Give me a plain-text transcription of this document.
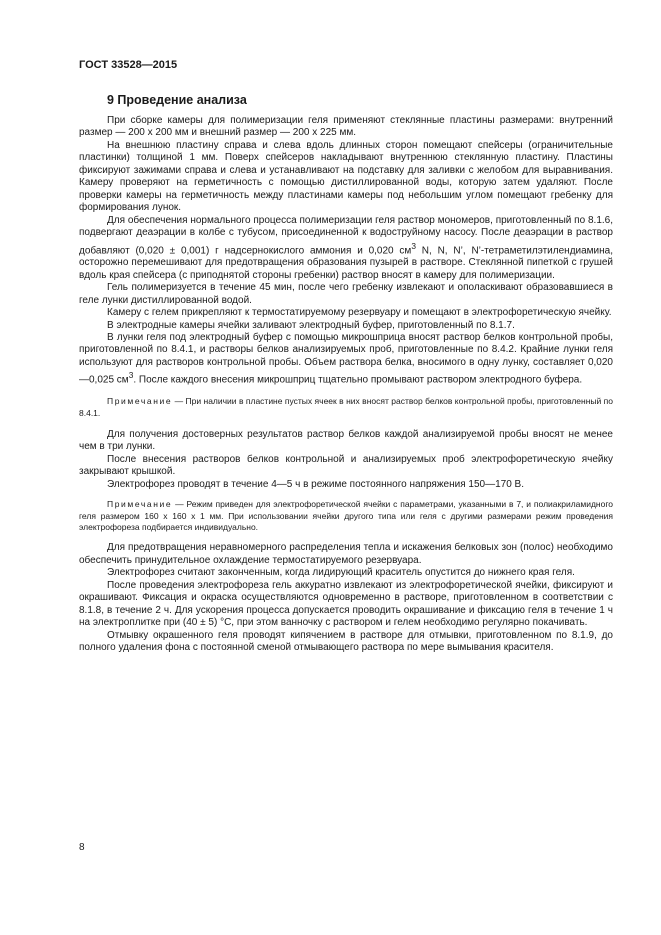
ГОСТ 33528—2015
9 Проведение анализа

При сборке камеры для полимеризации геля применяют стеклянные пластины размерами: внутренний размер — 200 х 200 мм и внешний размер — 200 х 225 мм.

На внешнюю пластину справа и слева вдоль длинных сторон помещают спейсеры (ограничительные пластинки) толщиной 1 мм. Поверх спейсеров накладывают внутреннюю стеклянную пластину. Пластины фиксируют зажимами справа и слева и устанавливают на подставку для заливки с желобом для выравнивания. Камеру проверяют на герметичность с помощью дистиллированной воды, которую затем удаляют. После проверки камеры на герметичность между пластинами камеры под небольшим углом помещают гребенку для формирования лунок.

Для обеспечения нормального процесса полимеризации геля раствор мономеров, приготовленный по 8.1.6, подвергают деаэрации в колбе с тубусом, присоединенной к водоструйному насосу. После деаэрации в раствор добавляют (0,020 ± 0,001) г надсернокислого аммония и 0,020 $см^3$ N, N, N’, N’-тетраметилэтилендиамина, осторожно перемешивают для предотвращения образования пузырей в растворе. Стеклянной пипеткой с грушей вдоль края спейсера (с приподнятой стороны гребенки) раствор вносят в камеру для полимеризации.

Гель полимеризуется в течение 45 мин, после чего гребенку извлекают и ополаскивают образовавшиеся в геле лунки дистиллированной водой.

Камеру с гелем прикрепляют к термостатируемому резервуару и помещают в электрофоретическую ячейку.

В электродные камеры ячейки заливают электродный буфер, приготовленный по 8.1.7.

В лунки геля под электродный буфер с помощью микрошприца вносят раствор белков контрольной пробы, приготовленной по 8.4.1, и растворы белков анализируемых проб, приготовленные по 8.4.2. Крайние лунки геля используют для растворов контрольной пробы. Объем раствора белка, вносимого в одну лунку, составляет 0,020—0,025 $см^3$. После каждого внесения микрошприц тщательно промывают раствором электродного буфера.

Примечание — При наличии в пластине пустых ячеек в них вносят раствор белков контрольной пробы, приготовленный по 8.4.1.

Для получения достоверных результатов раствор белков каждой анализируемой пробы вносят не менее чем в три лунки.

После внесения растворов белков контрольной и анализируемых проб электрофоретическую ячейку закрывают крышкой.

Электрофорез проводят в течение 4—5 ч в режиме постоянного напряжения 150—170 В.

Примечание — Режим приведен для электрофоретической ячейки с параметрами, указанными в 7, и полиакриламидного геля размером 160 х 160 х 1 мм. При использовании ячейки другого типа или геля с другими размерами режим проведения электрофореза подбирается индивидуально.

Для предотвращения неравномерного распределения тепла и искажения белковых зон (полос) необходимо обеспечить принудительное охлаждение термостатируемого резервуара.

Электрофорез считают законченным, когда лидирующий краситель опустится до нижнего края геля.

После проведения электрофореза гель аккуратно извлекают из электрофоретической ячейки, фиксируют и окрашивают. Фиксация и окраска осуществляются одновременно в растворе, приготовленном в соответствии с 8.1.8, в течение 2 ч. Для ускорения процесса допускается проводить окрашивание и фиксацию геля в течение 1 ч на электроплитке при (40 ± 5) °С, при этом ванночку с раствором и гелем необходимо регулярно покачивать.

Отмывку окрашенного геля проводят кипячением в растворе для отмывки, приготовленном по 8.1.9, до полного удаления фона с постоянной сменой отмывающего раствора по мере вымывания красителя.

8
